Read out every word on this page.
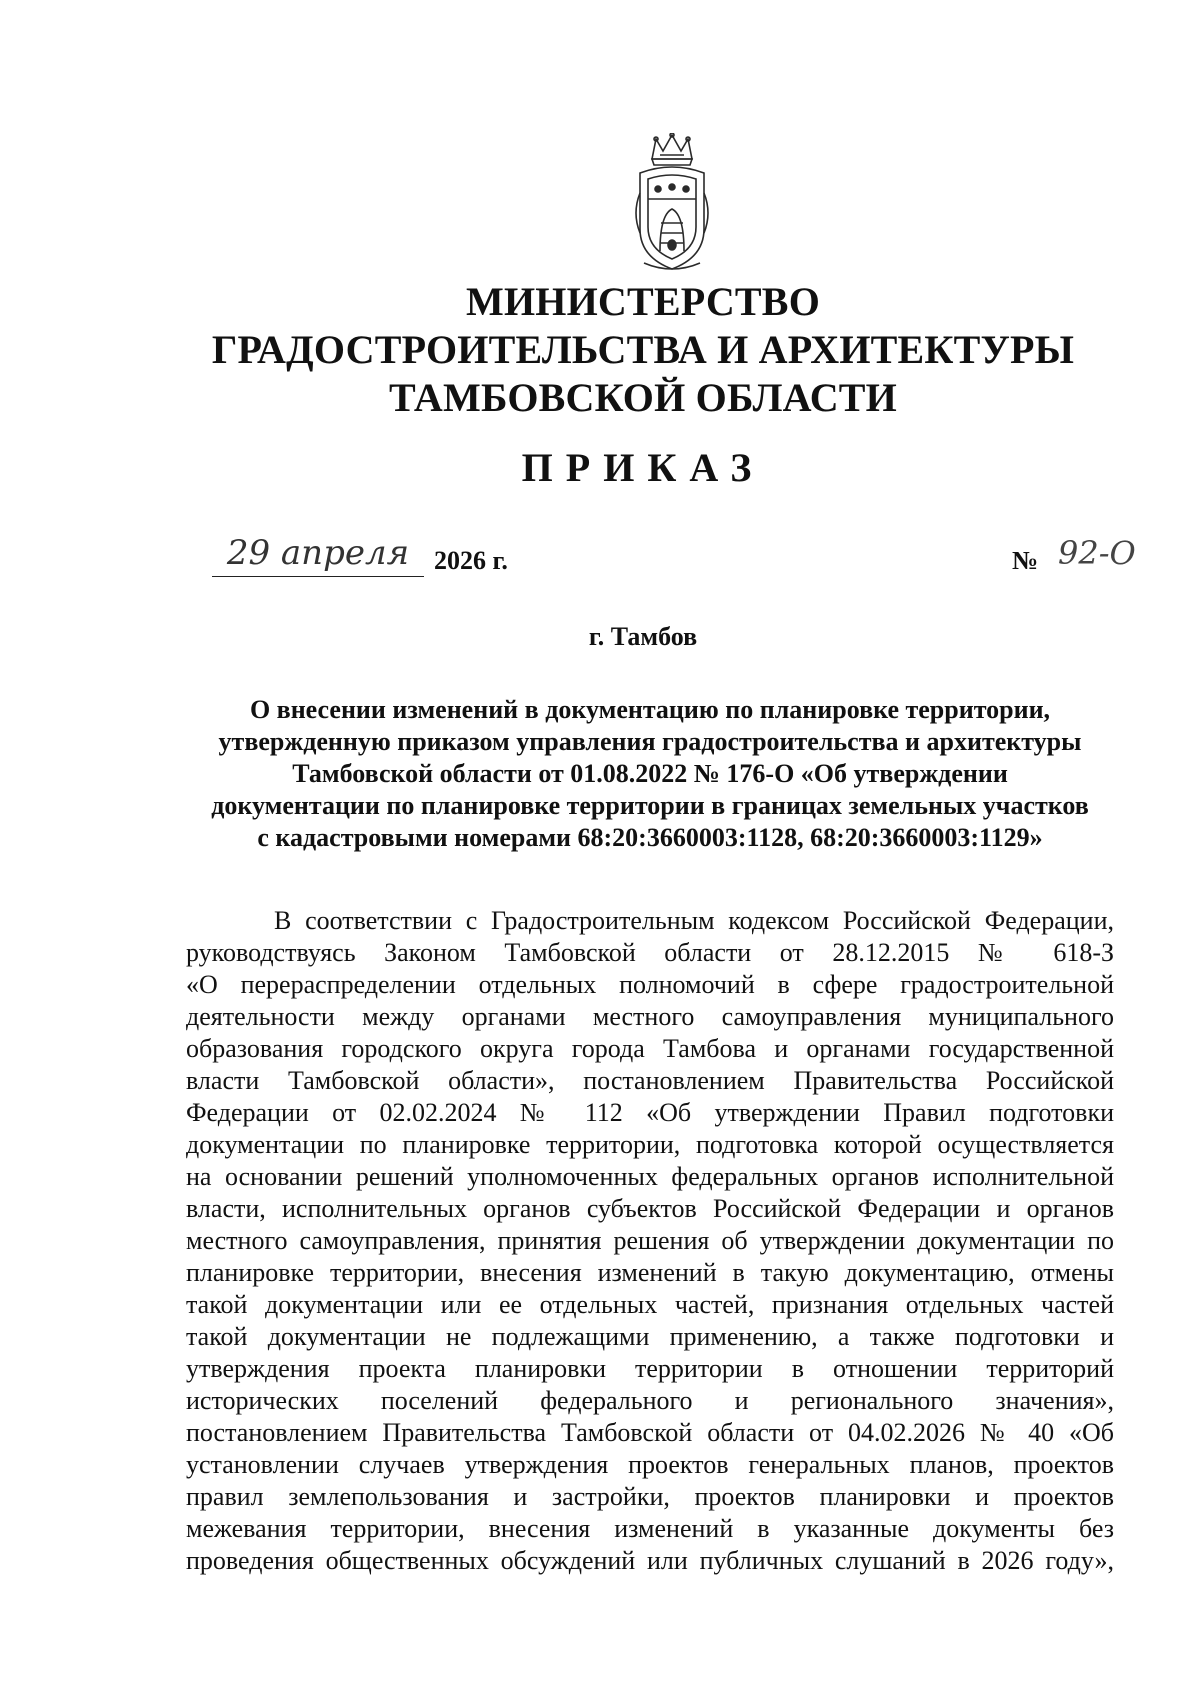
МИНИСТЕРСТВО
ГРАДОСТРОИТЕЛЬСТВА И АРХИТЕКТУРЫ
ТАМБОВСКОЙ ОБЛАСТИ
ПРИКАЗ
29 апреля 2026 г.	№ 92-О
г. Тамбов
О внесении изменений в документацию по планировке территории,
утвержденную приказом управления градостроительства и архитектуры
Тамбовской области от 01.08.2022 № 176-О «Об утверждении
документации по планировке территории в границах земельных участков
с кадастровыми номерами 68:20:3660003:1128, 68:20:3660003:1129»
В соответствии с Градостроительным кодексом Российской Федерации,
руководствуясь Законом Тамбовской области от 28.12.2015 № 618-З
«О перераспределении отдельных полномочий в сфере градостроительной
деятельности между органами местного самоуправления муниципального
образования городского округа города Тамбова и органами государственной
власти Тамбовской области», постановлением Правительства Российской
Федерации от 02.02.2024 № 112 «Об утверждении Правил подготовки
документации по планировке территории, подготовка которой осуществляется
на основании решений уполномоченных федеральных органов исполнительной
власти, исполнительных органов субъектов Российской Федерации и органов
местного самоуправления, принятия решения об утверждении документации по
планировке территории, внесения изменений в такую документацию, отмены
такой документации или ее отдельных частей, признания отдельных частей
такой документации не подлежащими применению, а также подготовки и
утверждения проекта планировки территории в отношении территорий
исторических поселений федерального и регионального значения»,
постановлением Правительства Тамбовской области от 04.02.2026 № 40 «Об
установлении случаев утверждения проектов генеральных планов, проектов
правил землепользования и застройки, проектов планировки и проектов
межевания территории, внесения изменений в указанные документы без
проведения общественных обсуждений или публичных слушаний в 2026 году»,
